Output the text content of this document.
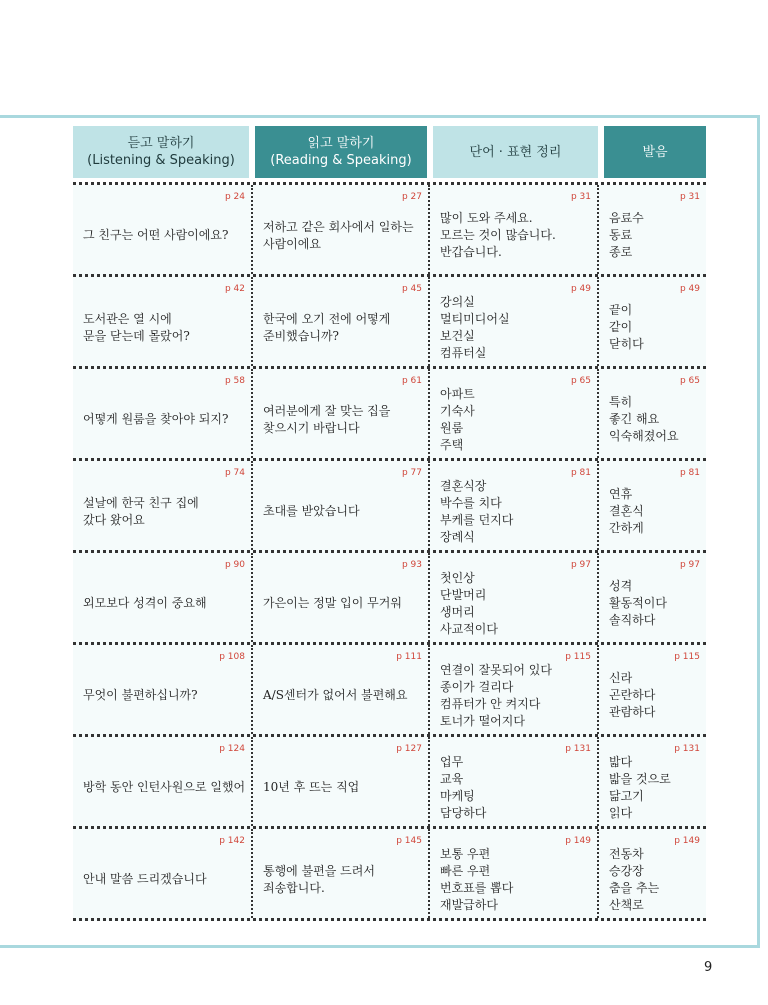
듣고 말하기
(Listening & Speaking)
읽고 말하기
(Reading & Speaking)
단어 · 표현 정리	발음
p 24
그 친구는 어떤 사람이에요?
p 27
저하고 같은 회사에서 일하는
사람이에요
p 31
많이 도와 주세요.
모르는 것이 많습니다.
반갑습니다.
p 31
음료수
동료
종로
p 42
도서관은 열 시에
문을 닫는데 몰랐어?
p 45
한국에 오기 전에 어떻게
준비했습니까?
p 49
강의실
멀티미디어실
보건실
컴퓨터실
p 49
끝이
같이
닫히다
p 58
어떻게 원룸을 찾아야 되지?
p 61
여러분에게 잘 맞는 집을
찾으시기 바랍니다
p 65
아파트
기숙사
원룸
주택
p 65
특히
좋긴 해요
익숙해졌어요
p 74
설날에 한국 친구 집에
갔다 왔어요
p 77
초대를 받았습니다
p 81
결혼식장
박수를 치다
부케를 던지다
장례식
p 81
연휴
결혼식
간하게
p 90
외모보다 성격이 중요해
p 93
가은이는 정말 입이 무거워
p 97
첫인상
단발머리
생머리
사교적이다
p 97
성격
활동적이다
솔직하다
p 108
무엇이 불편하십니까?
p 111
A/S센터가 없어서 불편해요
p 115
연결이 잘못되어 있다
종이가 걸리다
컴퓨터가 안 켜지다
토너가 떨어지다
p 115
신라
곤란하다
관람하다
p 124
방학 동안 인턴사원으로 일했어
p 127
10년 후 뜨는 직업
p 131
업무
교육
마케팅
담당하다
p 131
밟다
밟을 것으로
닮고기
읽다
p 142
안내 말씀 드리겠습니다
p 145
통행에 불편을 드려서
죄송합니다.
p 149
보통 우편
빠른 우편
번호표를 뽑다
재발급하다
p 149
전동차
승강장
춤을 추는
산책로
9
